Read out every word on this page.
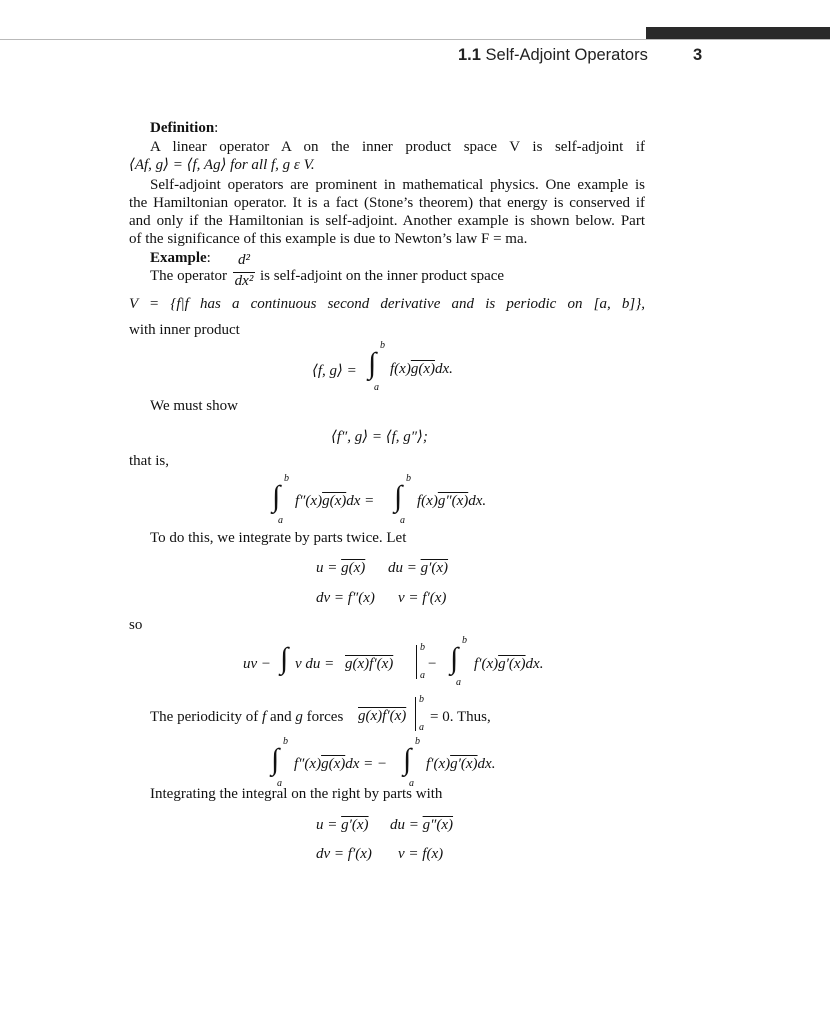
1.1 Self-Adjoint Operators	3
Definition:
A linear operator A on the inner product space V is self-adjoint if
⟨Af, g⟩ = ⟨f, Ag⟩ for all f, g ε V.
Self-adjoint operators are prominent in mathematical physics. One example is
the Hamiltonian operator. It is a fact (Stone’s theorem) that energy is conserved if
and only if the Hamiltonian is self-adjoint. Another example is shown below. Part
of the significance of this example is due to Newton’s law F = ma.
Example:
The operator
d²
dx² is self-adjoint on the inner product space
V = {f|f has a continuous second derivative and is periodic on [a, b]},
with inner product
⟨f, g⟩ = ∫
b
a
f(x)g(x)dx.
We must show
⟨f″, g⟩ = ⟨f, g″⟩;
that is,
∫
b
a
f″(x)g(x)dx = ∫
b
a
f(x)g″(x)dx.
To do this, we integrate by parts twice. Let
u = g(x) du = g′(x)
dv = f″(x) v = f′(x)
so
uv − ∫ v du = g(x)f′(x)
b
a
− ∫
b
a
f′(x)g′(x)dx.
The periodicity of f and g forces g(x)f′(x)
b
a
= 0. Thus,
∫
b
a
f″(x)g(x)dx = − ∫
b
a
f′(x)g′(x)dx.
Integrating the integral on the right by parts with
u = g′(x) du = g″(x)
dv = f′(x) v = f(x)
